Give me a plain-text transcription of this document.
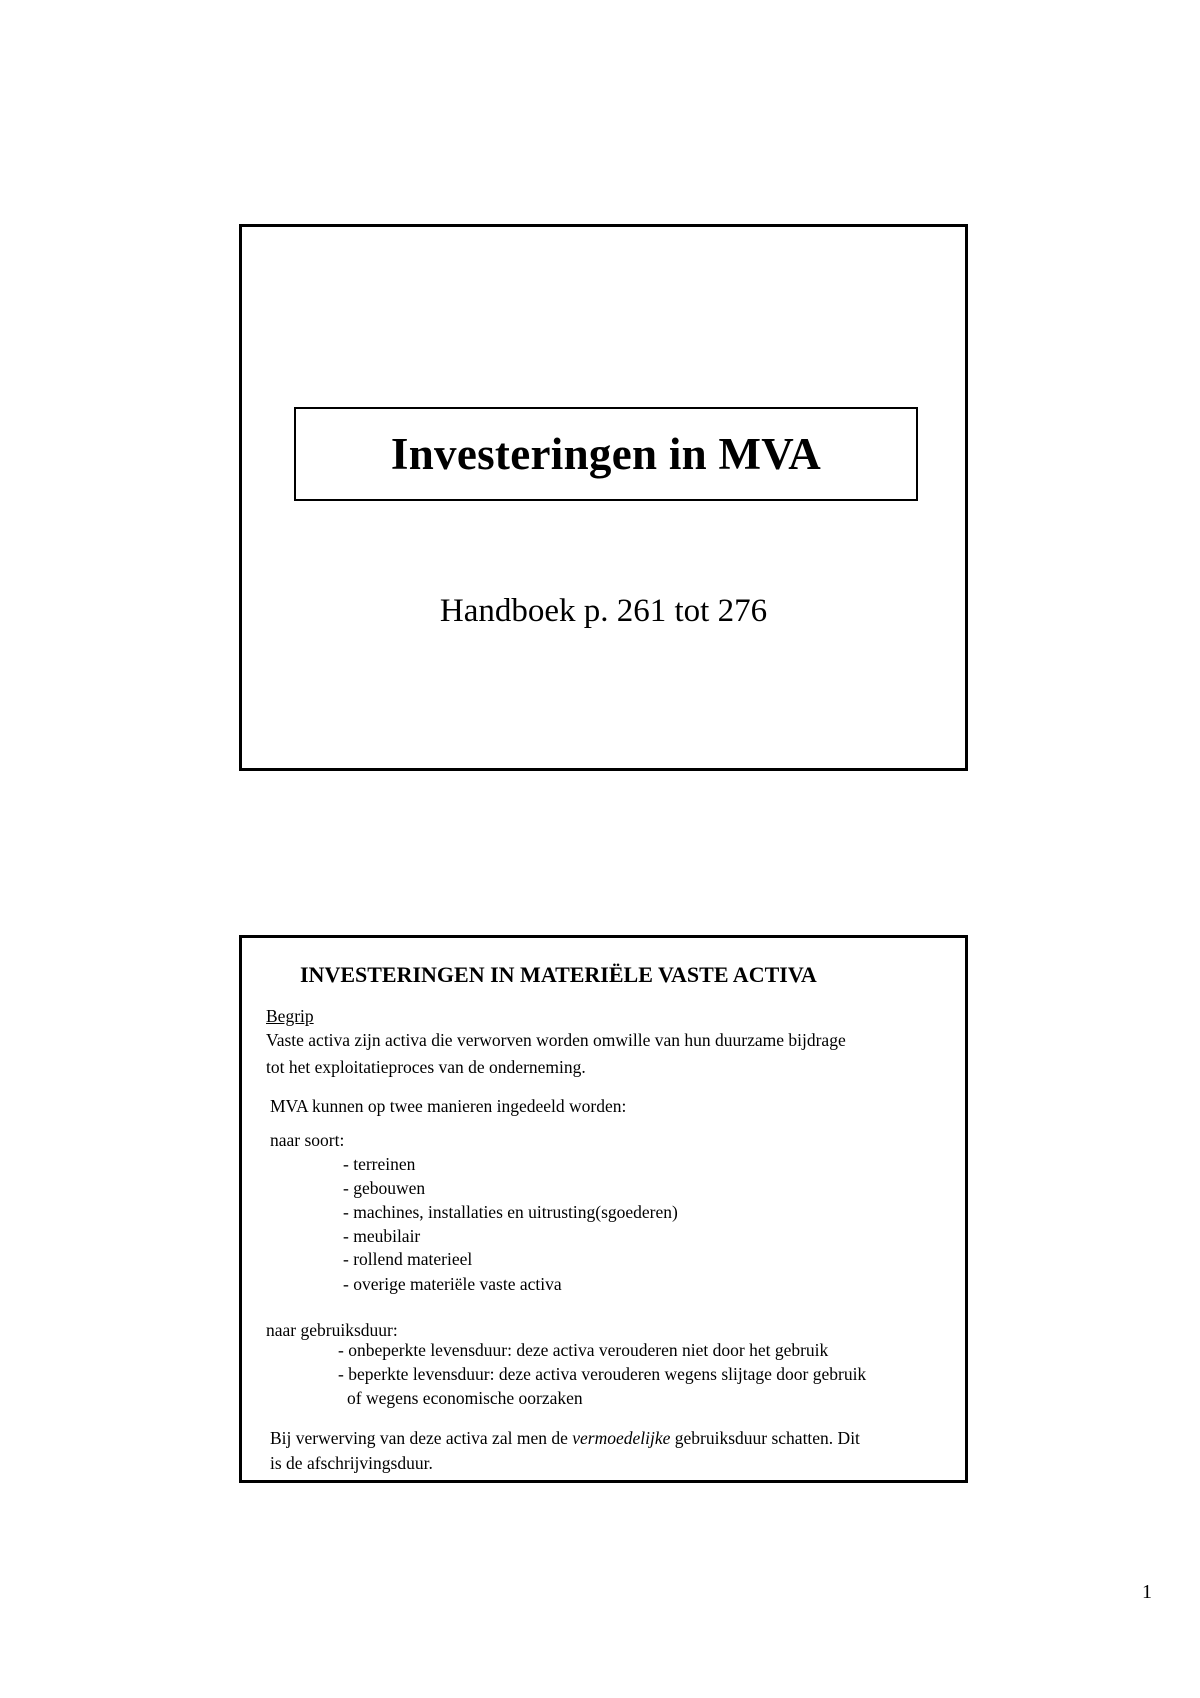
Investeringen in MVA
Handboek p. 261 tot 276
INVESTERINGEN IN MATERIËLE VASTE ACTIVA
Begrip
Vaste activa zijn activa die verworven worden omwille van hun duurzame bijdrage
tot het exploitatieproces van de onderneming.
MVA kunnen op twee manieren ingedeeld worden:
naar soort:
- terreinen
- gebouwen
- machines, installaties en uitrusting(sgoederen)
- meubilair
- rollend materieel
- overige materiële vaste activa
naar gebruiksduur:
- onbeperkte levensduur: deze activa verouderen niet door het gebruik
- beperkte levensduur: deze activa verouderen wegens slijtage door gebruik
of wegens economische oorzaken
Bij verwerving van deze activa zal men de vermoedelijke gebruiksduur schatten. Dit
is de afschrijvingsduur.
1
